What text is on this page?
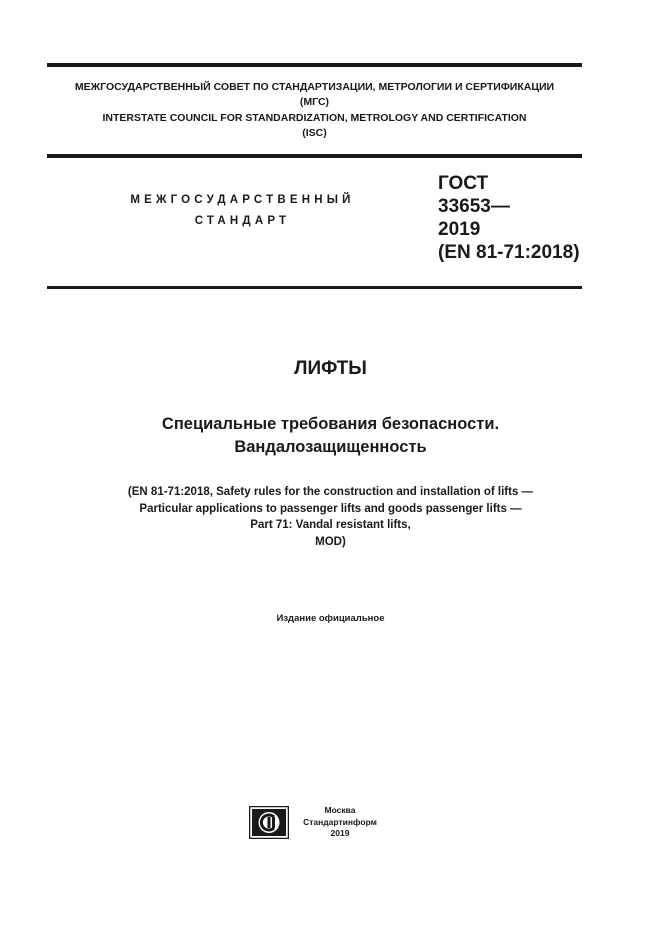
МЕЖГОСУДАРСТВЕННЫЙ СОВЕТ ПО СТАНДАРТИЗАЦИИ, МЕТРОЛОГИИ И СЕРТИФИКАЦИИ
(МГС)
INTERSTATE COUNCIL FOR STANDARDIZATION, METROLOGY AND CERTIFICATION
(ISC)
МЕЖГОСУДАРСТВЕННЫЙ
СТАНДАРТ
ГОСТ
33653—
2019
(EN 81-71:2018)
ЛИФТЫ
Специальные требования безопасности.
Вандалозащищенность
(EN 81-71:2018, Safety rules for the construction and installation of lifts —
Particular applications to passenger lifts and goods passenger lifts —
Part 71: Vandal resistant lifts,
MOD)
Издание официальное
Москва
Стандартинформ
2019
